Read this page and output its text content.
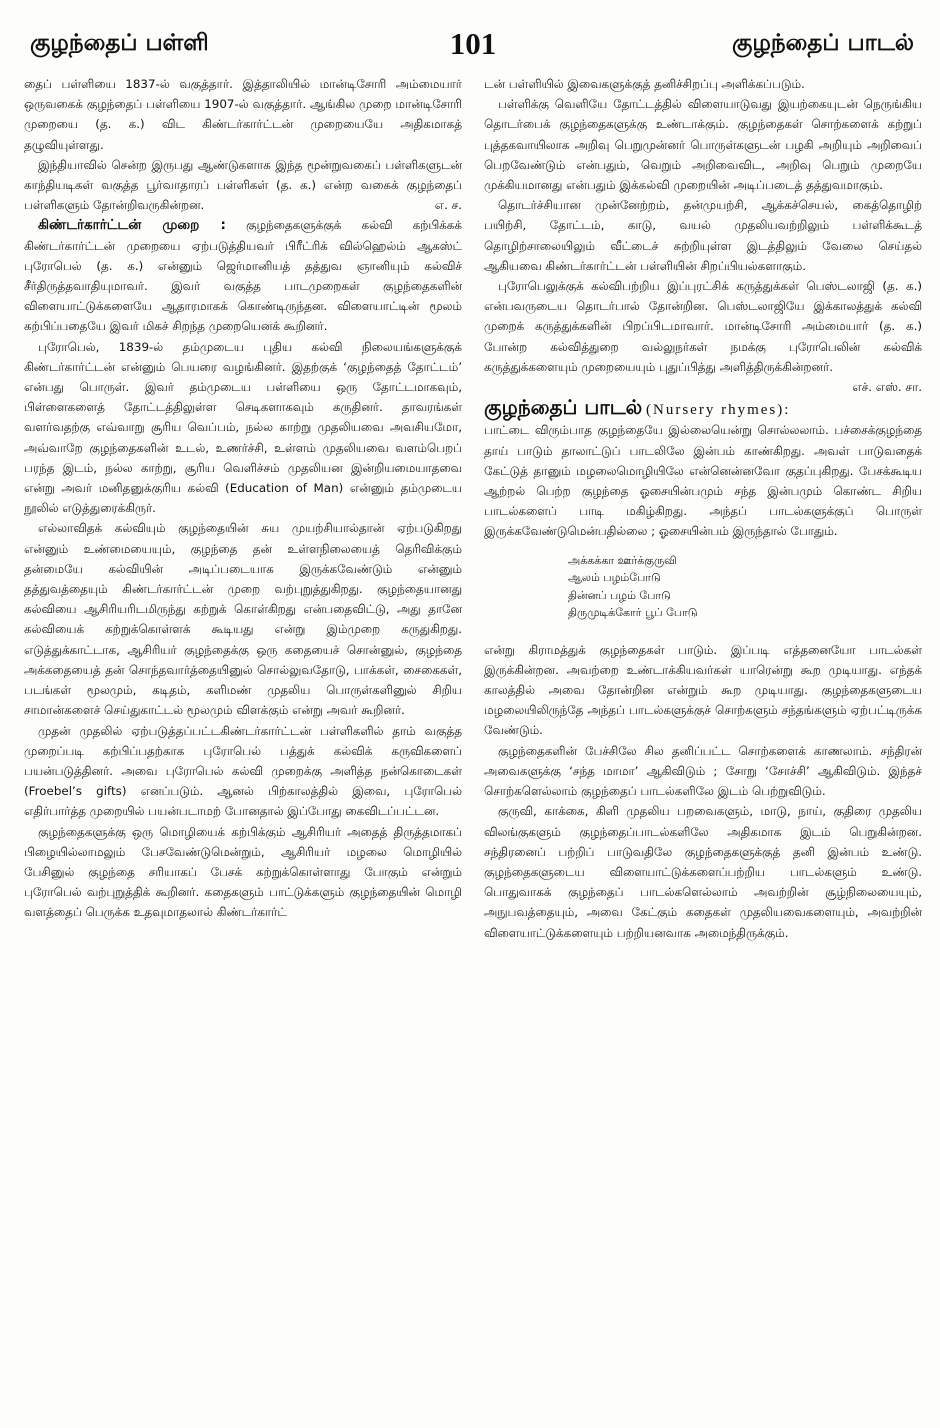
குழந்தைப் பள்ளி	101	குழந்தைப் பாடல்

தைப் பள்ளியை 1837-ல் வகுத்தார். இத்தாலியில் மான்டிசோரி அம்மையார் ஒருவகைக் குழந்தைப் பள்ளியை 1907-ல் வகுத்தார். ஆங்கில முறை மான்டிசோரி முறையை (த. க.) விட கிண்டர்கார்ட்டன் முறையையே அதிகமாகத் தழுவியுள்ளது.

இந்தியாவில் சென்ற இருபது ஆண்டுகளாக இந்த மூன்றுவகைப் பள்ளிகளுடன் காந்தியடிகள் வகுத்த பூர்வாதாரப் பள்ளிகள் (த. க.) என்ற வகைக் குழந்தைப் பள்ளிகளும் தோன்றிவருகின்றன.	எ. ச.

கிண்டர்கார்ட்டன் முறை : குழந்தைகளுக்குக் கல்வி கற்பிக்கக் கிண்டர்கார்ட்டன் முறையை ஏற்படுத்தியவர் பிரீட்ரிக் வில்ஹெல்ம் ஆகஸ்ட் புரோபெல் (த. க.) என்னும் ஜெர்மானியத் தத்துவ ஞானியும் கல்விச் சீர்திருத்தவாதியுமாவர். இவர் வகுத்த பாடமுறைகள் குழந்தைகளின் விளையாட்டுக்களையே ஆதாரமாகக் கொண்டிருந்தன. விளையாட்டின் மூலம் கற்பிப்பதையே இவர் மிகச் சிறந்த முறையெனக் கூறினர்.

புரோபெல், 1839-ல் தம்முடைய புதிய கல்வி நிலையங்களுக்குக் கிண்டர்கார்ட்டன் என்னும் பெயரை வழங்கினர். இதற்குக் ‘குழந்தைத் தோட்டம்’ என்பது பொருள். இவர் தம்முடைய பள்ளியை ஒரு தோட்டமாகவும், பிள்ளைகளைத் தோட்டத்திலுள்ள செடிகளாகவும் கருதினர். தாவரங்கள் வளர்வதற்கு எவ்வாறு சூரிய வெப்பம், நல்ல காற்று முதலியவை அவசியமோ, அவ்வாறே குழந்தைகளின் உடல், உணர்ச்சி, உள்ளம் முதலியவை வளம்பெறப் பரந்த இடம், நல்ல காற்று, சூரிய வெளிச்சம் முதலியன இன்றியமையாதவை என்று அவர் மனிதனுக்குரிய கல்வி (Education of Man) என்னும் தம்முடைய நூலில் எடுத்துரைக்கிருர்.

எல்லாவிதக் கல்வியும் குழந்தையின் சுய முயற்சியால்தான் ஏற்படுகிறது என்னும் உண்மையையும், குழந்தை தன் உள்ளநிலையைத் தெரிவிக்கும் தன்மையே கல்வியின் அடிப்படையாக இருக்கவேண்டும் என்னும் தத்துவத்தையும் கிண்டர்கார்ட்டன் முறை வற்புறுத்துகிறது. குழந்தையானது கல்வியை ஆசிரியரிடமிருந்து கற்றுக் கொள்கிறது என்பதைவிட்டு, அது தானே கல்வியைக் கற்றுக்கொள்ளக் கூடியது என்று இம்முறை கருதுகிறது. எடுத்துக்காட்டாக, ஆசிரியர் குழந்தைக்கு ஒரு கதையைச் சொன்னுல், குழந்தை அக்கதையைத் தன் சொந்தவார்த்தையினுல் சொல்லுவதோடு, பாக்கள், சைகைகள், படங்கள் மூலமும், கடிதம், களிமண் முதலிய பொருள்களினுல் சிறிய சாமான்களைச் செய்துகாட்டல் மூலமும் விளக்கும் என்று அவர் கூறினர்.

முதன் முதலில் ஏற்படுத்தப்பட்டகிண்டர்கார்ட்டன் பள்ளிகளில் தாம் வகுத்த முறைப்படி கற்பிப்பதற்காக புரோபெல் பத்துக் கல்விக் கருவிகளைப் பயன்படுத்தினர். அவை புரோபெல் கல்வி முறைக்கு அளித்த நன்கொடைகள் (Froebel’s gifts) எனப்படும். ஆனல் பிற்காலத்தில் இவை, புரோபெல் எதிர்பார்த்த முறையில் பயன்படாமற் போனதால் இப்போது கைவிடப்பட்டன.

குழந்தைகளுக்கு ஒரு மொழியைக் கற்பிக்கும் ஆசிரியர் அதைத் திருத்தமாகப் பிழையில்லாமலும் பேசவேண்டுமென்றும், ஆசிரியர் மழலை மொழியில் பேசினுல் குழந்தை சரியாகப் பேசக் கற்றுக்கொள்ளாது போகும் என்றும் புரோபெல் வற்புறுத்திக் கூறினர். கதைகளும் பாட்டுக்களும் குழந்தையின் மொழி வளத்தைப் பெருக்க உதவுமாதலால் கிண்டர்கார்ட்

டன் பள்ளியில் இவைகளுக்குத் தனிச்சிறப்பு அளிக்கப்படும்.

பள்ளிக்கு வெளியே தோட்டத்தில் விளையாடுவது இயற்கையுடன் நெருங்கிய தொடர்பைக் குழந்தைகளுக்கு உண்டாக்கும். குழந்தைகள் சொற்களைக் கற்றுப் புத்தகவாயிலாக அறிவு பெறுமுன்னர் பொருள்களுடன் பழகி அறியும் அறிவைப் பெறவேண்டும் என்பதும், வெறும் அறிவைவிட, அறிவு பெறும் முறையே முக்கியமானது என்பதும் இக்கல்வி முறையின் அடிப்படைத் தத்துவமாகும்.

தொடர்ச்சியான முன்னேற்றம், தன்முயற்சி, ஆக்கச்செயல், கைத்தொழிற் பயிற்சி, தோட்டம், காடு, வயல் முதலியவற்றிலும் பள்ளிக்கூடத் தொழிற்சாலையிலும் வீட்டைச் சுற்றியுள்ள இடத்திலும் வேலை செய்தல் ஆகியவை கிண்டர்கார்ட்டன் பள்ளியின் சிறப்பியல்களாகும்.

புரோபெலுக்குக் கல்விபற்றிய இப்புரட்சிக் கருத்துக்கள் பெஸ்டலாஜி (த. க.) என்பவருடைய தொடர்பால் தோன்றின. பெஸ்டலாஜியே இக்காலத்துக் கல்வி முறைக் கருத்துக்களின் பிறப்பிடமாவார். மான்டிசோரி அம்மையார் (த. க.) போன்ற கல்வித்துறை வல்லுநர்கள் நமக்கு புரோபெலின் கல்விக் கருத்துக்களையும் முறையையும் புதுப்பித்து அளித்திருக்கின்றனர்.
எச். எஸ். சா.

குழந்தைப் பாடல் (Nursery rhymes):

பாட்டை விரும்பாத குழந்தையே இல்லையென்று சொல்லலாம். பச்சைக்குழந்தை தாய் பாடும் தாலாட்டுப் பாடலிலே இன்பம் காண்கிறது. அவள் பாடுவதைக் கேட்டுத் தானும் மழலைமொழியிலே என்னென்னவோ குதப்புகிறது. பேசக்கூடிய ஆற்றல் பெற்ற குழந்தை ஓசையின்பமும் சந்த இன்பமும் கொண்ட சிறிய பாடல்களைப் பாடி மகிழ்கிறது. அந்தப் பாடல்களுக்குப் பொருள் இருக்கவேண்டுமென்பதில்லை ; ஓசையின்பம் இருந்தால் போதும்.

அக்கக்கா ஊர்க்குருவி
ஆலம் பழம்போடு
தின்னப் பழம் போடு
திருமுடிக்கோர் பூப் போடு

என்று கிராமத்துக் குழந்தைகள் பாடும். இப்படி எத்தனையோ பாடல்கள் இருக்கின்றன. அவற்றை உண்டாக்கியவர்கள் யாரென்று கூற முடியாது. எந்தக் காலத்தில் அவை தோன்றின என்றும் கூற முடியாது. குழந்தைகளுடைய மழலையிலிருந்தே அந்தப் பாடல்களுக்குச் சொற்களும் சந்தங்களும் ஏற்பட்டிருக்க வேண்டும்.

குழந்தைகளின் பேச்சிலே சில தனிப்பட்ட சொற்களைக் காணலாம். சந்திரன் அவைகளுக்கு ‘சந்த மாமா’ ஆகிவிடும் ; சோறு ‘சோச்சி’ ஆகிவிடும். இந்தச் சொற்களெல்லாம் குழந்தைப் பாடல்களிலே இடம் பெற்றுவிடும்.

குருவி, காக்கை, கிளி முதலிய பறவைகளும், மாடு, நாய், குதிரை முதலிய விலங்குகளும் குழந்தைப்பாடல்களிலே அதிகமாக இடம் பெறுகின்றன. சந்திரனைப் பற்றிப் பாடுவதிலே குழந்தைகளுக்குத் தனி இன்பம் உண்டு. குழந்தைகளுடைய விளையாட்டுக்களைப்பற்றிய பாடல்களும் உண்டு. பொதுவாகக் குழந்தைப் பாடல்களெல்லாம் அவற்றின் சூழ்நிலையையும், அநுபவத்தையும், அவை கேட்கும் கதைகள் முதலியவைகளையும், அவற்றின் விளையாட்டுக்களையும் பற்றியனவாக அமைந்திருக்கும்.
